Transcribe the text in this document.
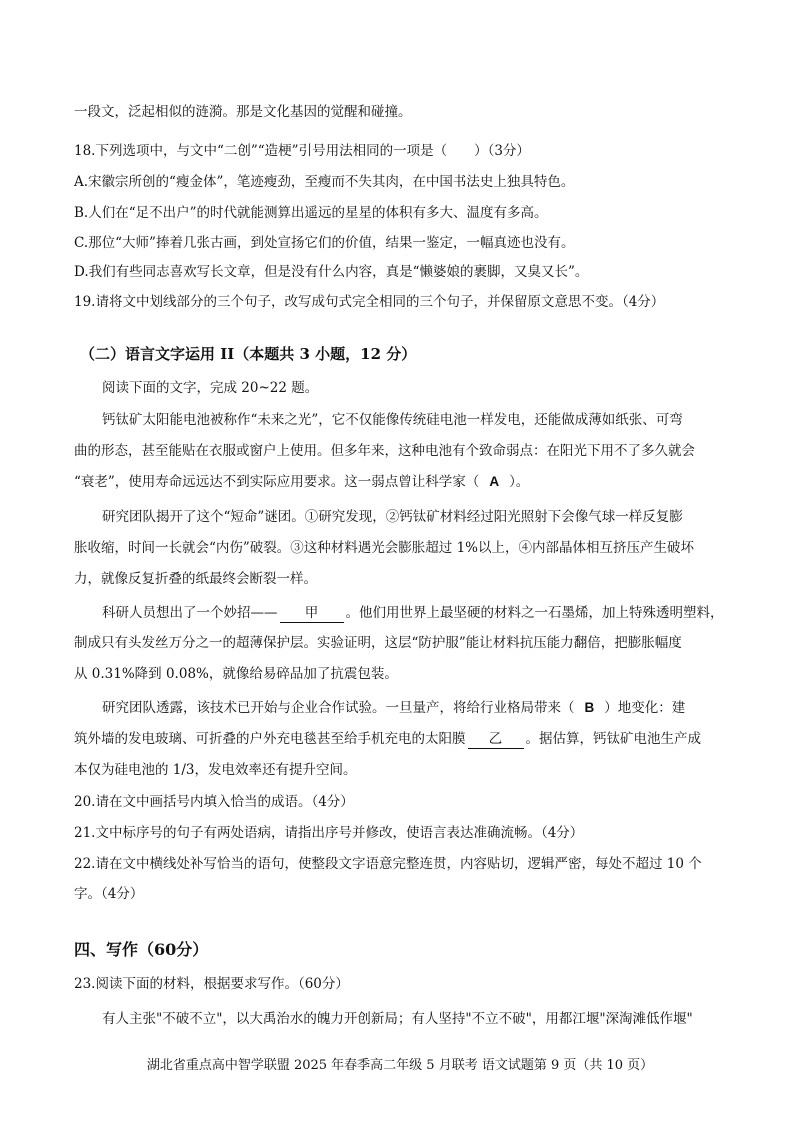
一段文，泛起相似的涟漪。那是文化基因的觉醒和碰撞。
18.下列选项中，与文中“二创”“造梗”引号用法相同的一项是（　　）（3分）
A.宋徽宗所创的“瘦金体”，笔迹瘦劲，至瘦而不失其肉，在中国书法史上独具特色。
B.人们在“足不出户”的时代就能测算出遥远的星星的体积有多大、温度有多高。
C.那位“大师”捧着几张古画，到处宣扬它们的价值，结果一鉴定，一幅真迹也没有。
D.我们有些同志喜欢写长文章，但是没有什么内容，真是“懒婆娘的裹脚，又臭又长”。
19.请将文中划线部分的三个句子，改写成句式完全相同的三个句子，并保留原文意思不变。（4分）
（二）语言文字运用 II（本题共 3 小题，12 分）
阅读下面的文字，完成 20~22 题。
钙钛矿太阳能电池被称作“未来之光”，它不仅能像传统硅电池一样发电，还能做成薄如纸张、可弯
曲的形态，甚至能贴在衣服或窗户上使用。但多年来，这种电池有个致命弱点：在阳光下用不了多久就会
“衰老”，使用寿命远远达不到实际应用要求。这一弱点曾让科学家（ A ）。
研究团队揭开了这个“短命”谜团。①研究发现，②钙钛矿材料经过阳光照射下会像气球一样反复膨
胀收缩，时间一长就会“内伤”破裂。③这种材料遇光会膨胀超过 1%以上，④内部晶体相互挤压产生破坏
力，就像反复折叠的纸最终会断裂一样。
科研人员想出了一个妙招—— 甲 。他们用世界上最坚硬的材料之一石墨烯，加上特殊透明塑料，
制成只有头发丝万分之一的超薄保护层。实验证明，这层“防护服”能让材料抗压能力翻倍，把膨胀幅度
从 0.31%降到 0.08%，就像给易碎品加了抗震包装。
研究团队透露，该技术已开始与企业合作试验。一旦量产，将给行业格局带来（ B ）地变化：建
筑外墙的发电玻璃、可折叠的户外充电毯甚至给手机充电的太阳膜 乙 。据估算，钙钛矿电池生产成
本仅为硅电池的 1/3，发电效率还有提升空间。
20.请在文中画括号内填入恰当的成语。（4分）
21.文中标序号的句子有两处语病，请指出序号并修改，使语言表达准确流畅。（4分）
22.请在文中横线处补写恰当的语句，使整段文字语意完整连贯，内容贴切，逻辑严密，每处不超过 10 个
字。（4分）
四、写作（60分）
23.阅读下面的材料，根据要求写作。（60分）
有人主张"不破不立"，以大禹治水的魄力开创新局；有人坚持"不立不破"，用都江堰"深淘滩低作堰"
湖北省重点高中智学联盟 2025 年春季高二年级 5 月联考 语文试题第 9 页（共 10 页）
